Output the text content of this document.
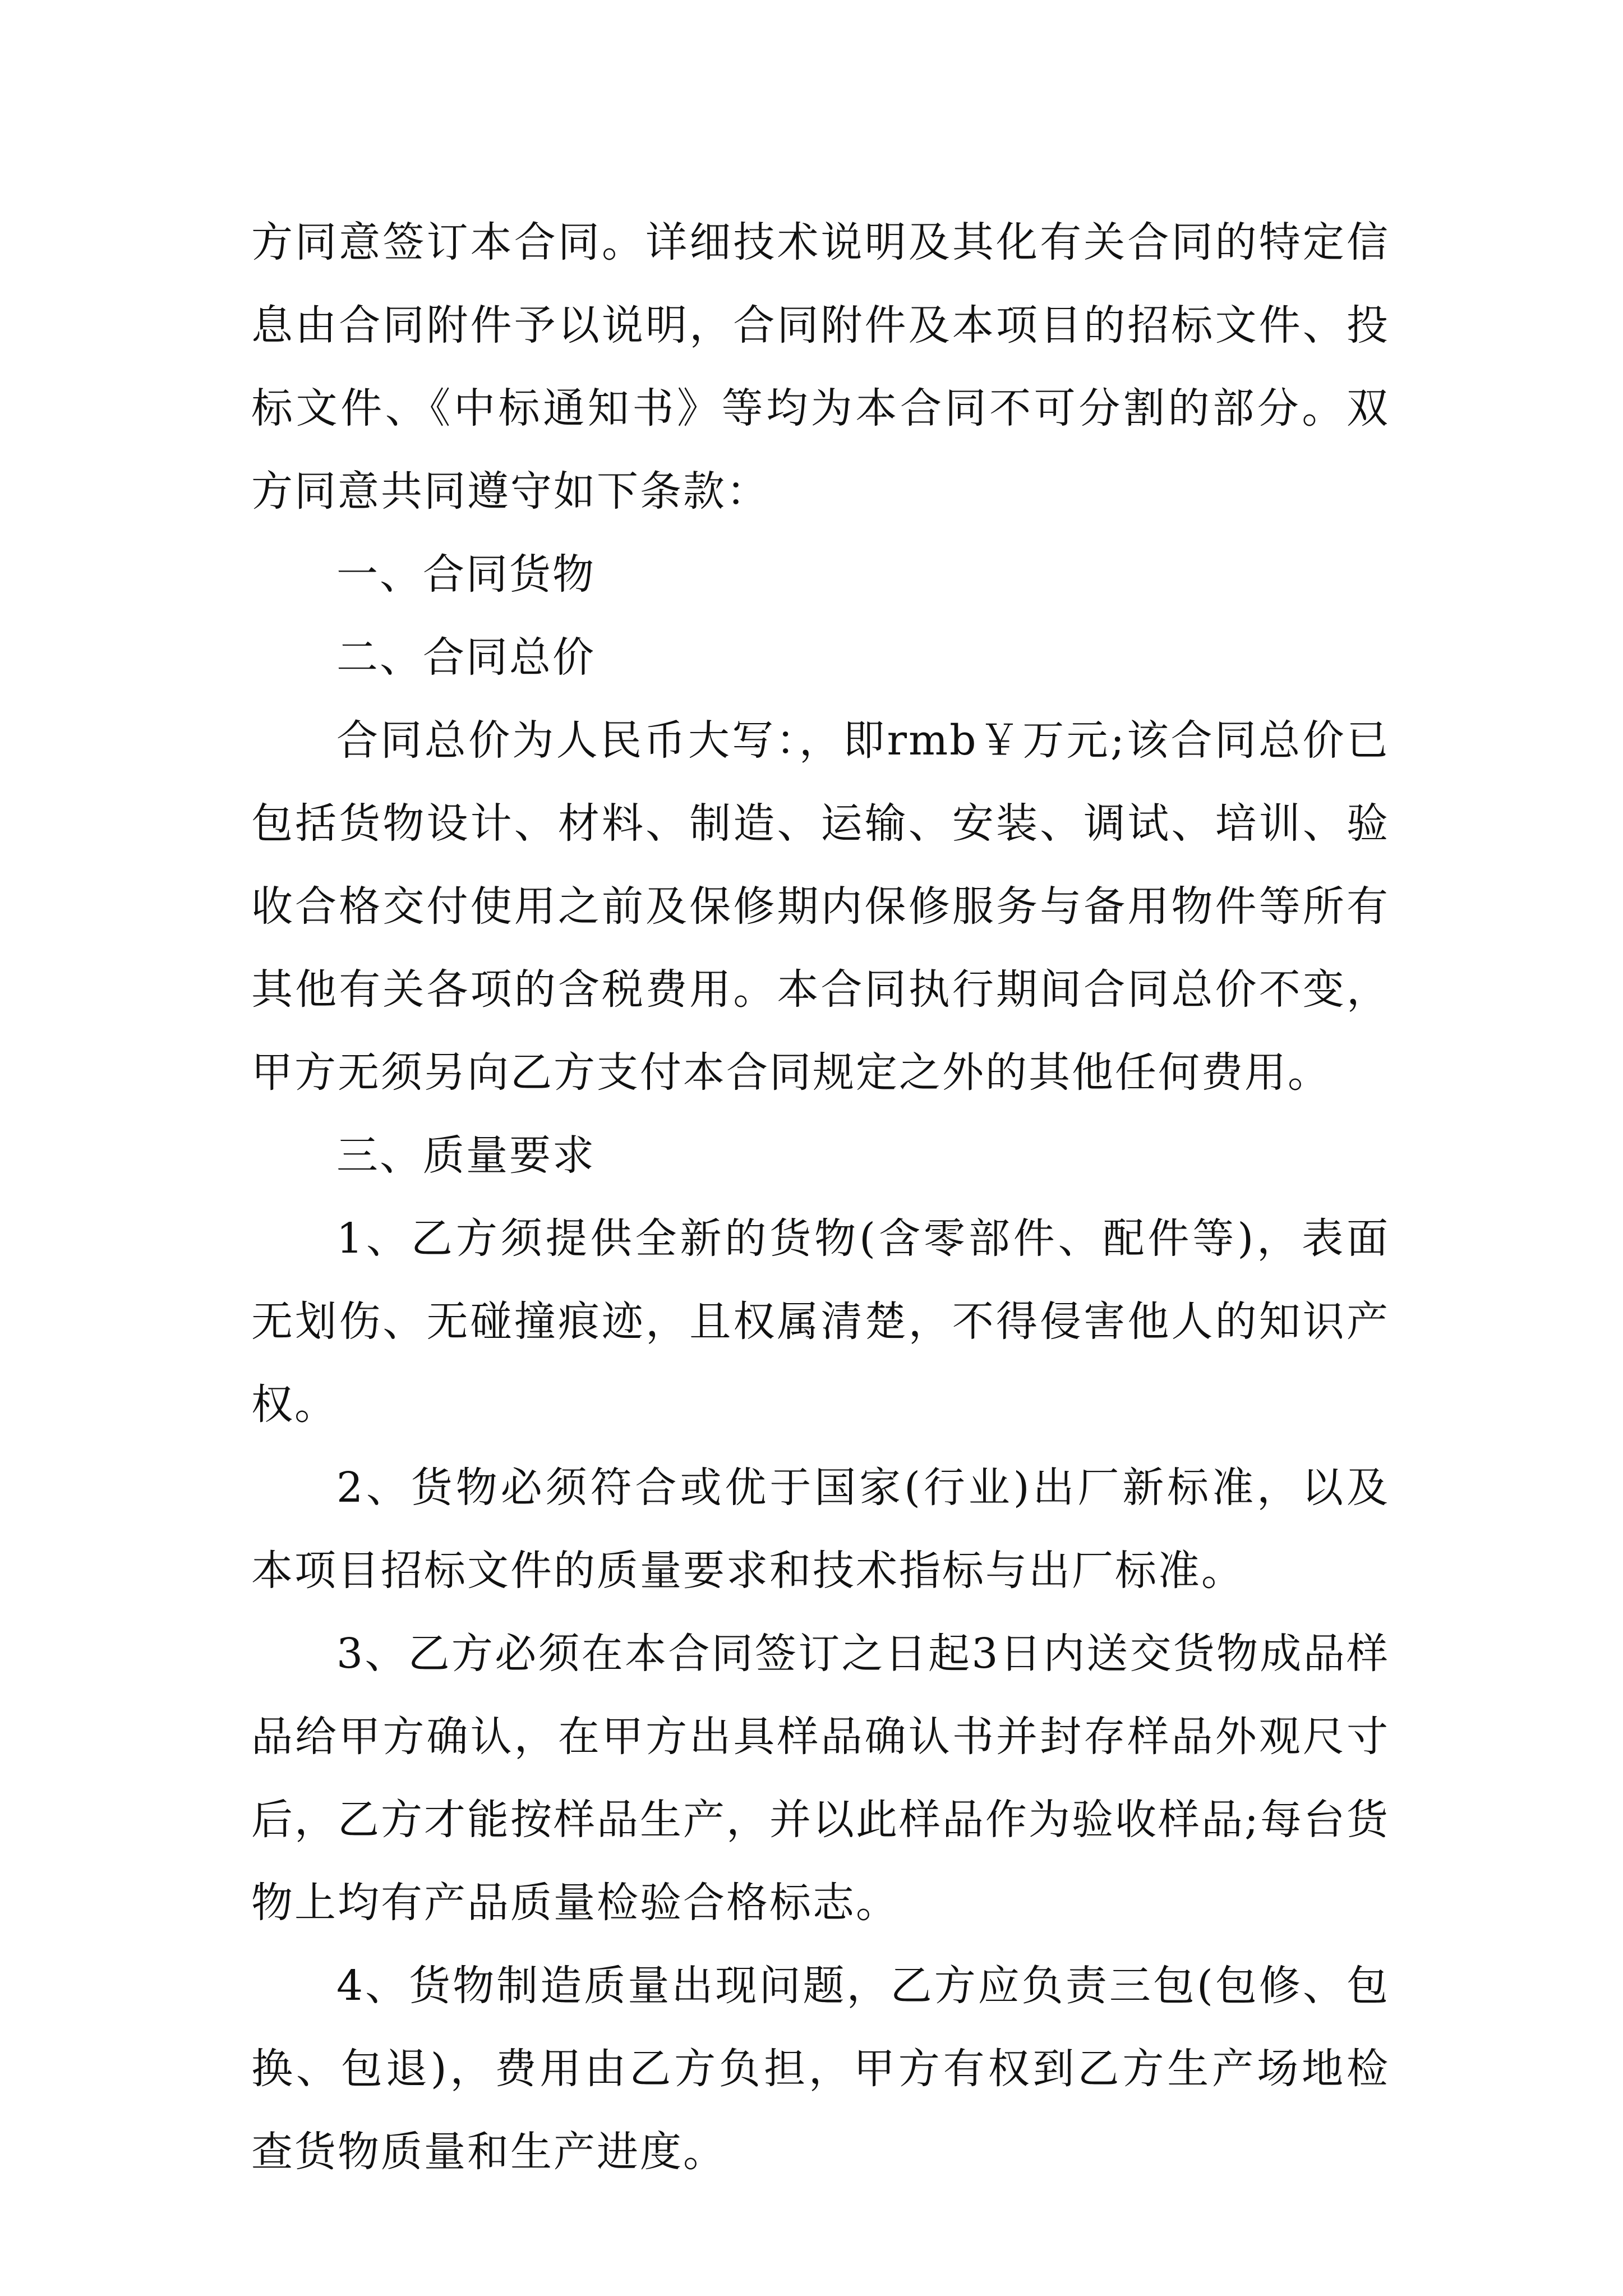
方同意签订本合同。详细技术说明及其化有关合同的特定信息由合同附件予以说明，合同附件及本项目的招标文件、投标文件、《中标通知书》等均为本合同不可分割的部分。双方同意共同遵守如下条款：

一、合同货物

二、合同总价

合同总价为人民币大写：，即rmb￥万元;该合同总价已包括货物设计、材料、制造、运输、安装、调试、培训、验收合格交付使用之前及保修期内保修服务与备用物件等所有其他有关各项的含税费用。本合同执行期间合同总价不变，甲方无须另向乙方支付本合同规定之外的其他任何费用。

三、质量要求

1、乙方须提供全新的货物(含零部件、配件等)，表面无划伤、无碰撞痕迹，且权属清楚，不得侵害他人的知识产权。

2、货物必须符合或优于国家(行业)出厂新标准，以及本项目招标文件的质量要求和技术指标与出厂标准。

3、乙方必须在本合同签订之日起3日内送交货物成品样品给甲方确认，在甲方出具样品确认书并封存样品外观尺寸后，乙方才能按样品生产，并以此样品作为验收样品;每台货物上均有产品质量检验合格标志。

4、货物制造质量出现问题，乙方应负责三包(包修、包换、包退)，费用由乙方负担，甲方有权到乙方生产场地检查货物质量和生产进度。
